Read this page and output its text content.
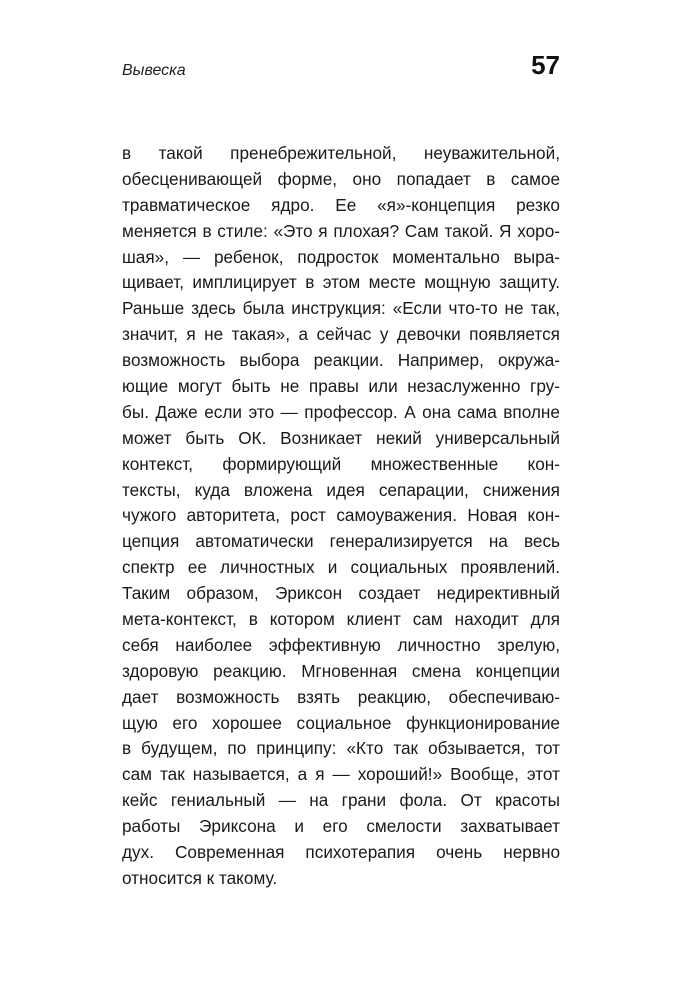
Вывеска	57
в такой пренебрежительной, неуважительной,
обесценивающей форме, оно попадает в самое
травматическое ядро. Ее «я»-концепция резко
меняется в стиле: «Это я плохая? Сам такой. Я хоро-
шая», — ребенок, подросток моментально выра-
щивает, имплицирует в этом месте мощную защиту.
Раньше здесь была инструкция: «Если что-то не так,
значит, я не такая», а сейчас у девочки появляется
возможность выбора реакции. Например, окружа-
ющие могут быть не правы или незаслуженно гру-
бы. Даже если это — профессор. А она сама вполне
может быть ОК. Возникает некий универсальный
контекст, формирующий множественные кон-
тексты, куда вложена идея сепарации, снижения
чужого авторитета, рост самоуважения. Новая кон-
цепция автоматически генерализируется на весь
спектр ее личностных и социальных проявлений.
Таким образом, Эриксон создает недирективный
мета-контекст, в котором клиент сам находит для
себя наиболее эффективную личностно зрелую,
здоровую реакцию. Мгновенная смена концепции
дает возможность взять реакцию, обеспечиваю-
щую его хорошее социальное функционирование
в будущем, по принципу: «Кто так обзывается, тот
сам так называется, а я — хороший!» Вообще, этот
кейс гениальный — на грани фола. От красоты
работы Эриксона и его смелости захватывает
дух. Современная психотерапия очень нервно
относится к такому.
